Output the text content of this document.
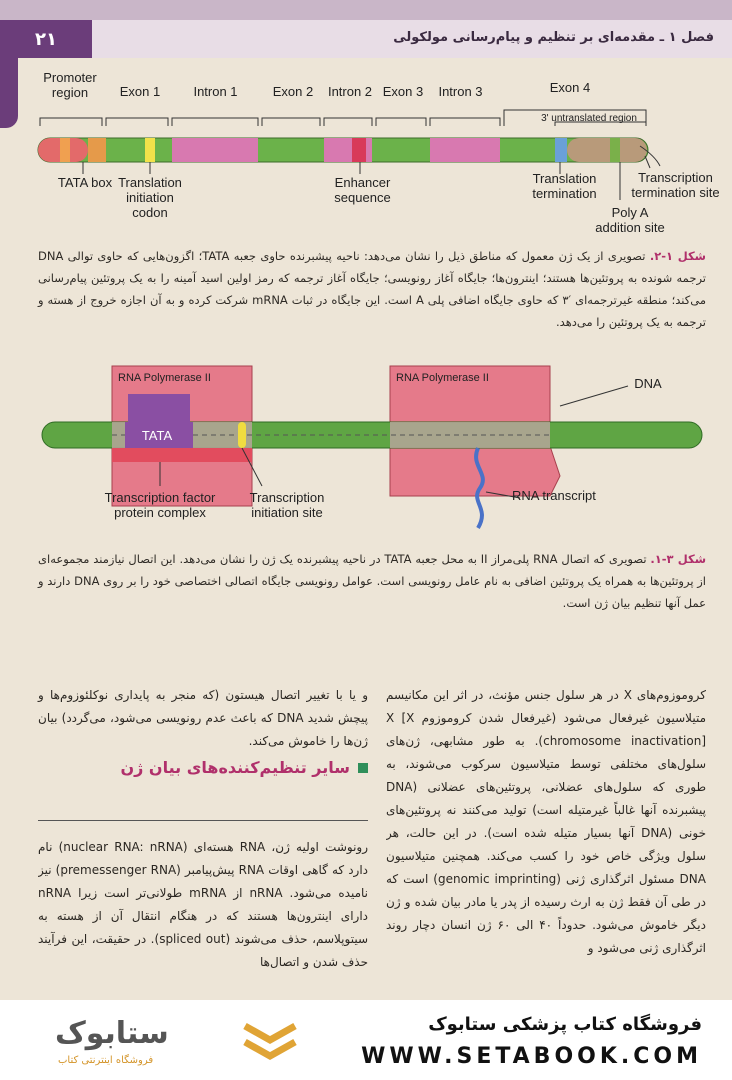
۲۱	فصل ۱ ـ مقدمه‌ای بر تنظیم و پیام‌رسانی مولکولی
Promoter region	Exon 1	Intron 1	Exon 2	Intron 2 Exon 3	Intron 3	Exon 4
3' untranslated region
TATA box Translation initiation codon
Enhancer sequence
Translation termination
Poly A addition site
Transcription termination site
شکل ۱-۲. تصویری از یک ژن معمول که مناطق ذیل را نشان می‌دهد: ناحیه پیشبرنده حاوی جعبه TATA؛ اگزون‌هایی که حاوی توالی DNA ترجمه شونده به پروتئین‌ها هستند؛ اینترون‌ها؛ جایگاه آغاز رونویسی؛ جایگاه آغاز ترجمه که رمز اولین اسید آمینه را به یک پروتئین پیام‌رسانی می‌کند؛ منطقه غیرترجمه‌ای ′۳ که حاوی جایگاه اضافی پلی A است. این جایگاه در ثبات mRNA شرکت کرده و به آن اجازه خروج از هسته و ترجمه به یک پروتئین را می‌دهد.
RNA Polymerase II	RNA Polymerase II
TATA
DNA
RNA transcript
Transcription factor protein complex
Transcription initiation site
شکل ۳-۱. تصویری که اتصال RNA پلی‌مراز II به محل جعبه TATA در ناحیه پیشبرنده یک ژن را نشان می‌دهد. این اتصال نیازمند مجموعه‌ای از پروتئین‌ها به همراه یک پروتئین اضافی به نام عامل رونویسی است. عوامل رونویسی جایگاه اتصالی اختصاصی خود را بر روی DNA دارند و عمل آنها تنظیم بیان ژن است.
کروموزوم‌های X در هر سلول جنس مؤنث، در اثر این مکانیسم متیلاسیون غیرفعال می‌شود (غیرفعال شدن کروموزوم X [X chromosome inactivation]). به طور مشابهی، ژن‌های سلول‌های مختلفی توسط متیلاسیون سرکوب می‌شوند، به طوری که سلول‌های عضلانی، پروتئین‌های عضلانی (DNA پیشبرنده آنها غالباً غیرمتیله است) تولید می‌کنند نه پروتئین‌های خونی (DNA آنها بسیار متیله شده است). در این حالت، هر سلول ویژگی خاص خود را کسب می‌کند. همچنین متیلاسیون DNA مسئول اثرگذاری ژنی (genomic imprinting) است که در طی آن فقط ژن به ارث رسیده از پدر یا مادر بیان شده و ژن دیگر خاموش می‌شود. حدوداً ۴۰ الی ۶۰ ژن انسان دچار روند اثرگذاری ژنی می‌شود و
و یا با تغییر اتصال هیستون (که منجر به پایداری نوکلئوزوم‌ها و پیچش شدید DNA که باعث عدم رونویسی می‌شود، می‌گردد) بیان ژن‌ها را خاموش می‌کند.
سایر تنظیم‌کننده‌های بیان ژن
رونوشت اولیه ژن، RNA هسته‌ای (nuclear RNA: nRNA) نام دارد که گاهی اوقات RNA پیش‌پیامبر (premessenger RNA) نیز نامیده می‌شود. nRNA از mRNA طولانی‌تر است زیرا nRNA دارای اینترون‌ها هستند که در هنگام انتقال آن از هسته به سیتوپلاسم، حذف می‌شوند (spliced out). در حقیقت، این فرآیند حذف شدن و اتصال‌ها
ستابوک
فروشگاه اینترنتی کتاب
فروشگاه کتاب پزشکی ستابوک
WWW.SETABOOK.COM
